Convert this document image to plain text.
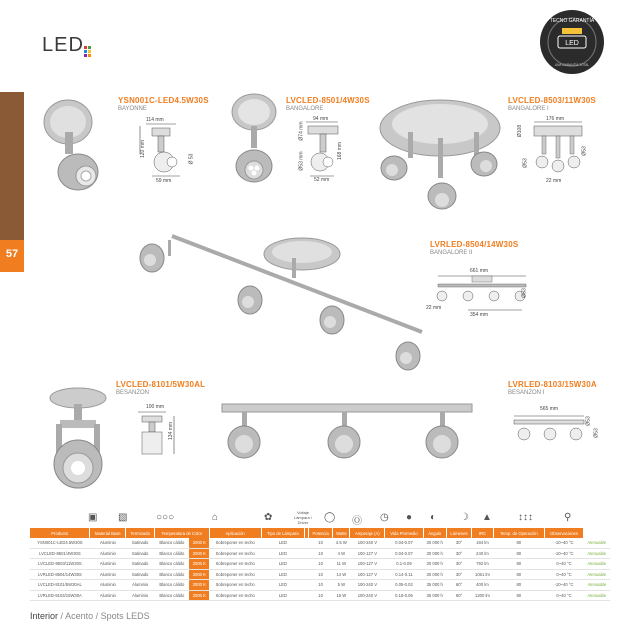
57
LED	LED
TECNO GARANTÍA
UNA GARANTÍA TOTAL
YSN001C-LED4.5W30S
BAYONNE
114 mm
120 mm
59 mm
Ø 53
LVCLED-8501/4W30S
BANGALORE
94 mm
Ø74 mm
Ø53 mm
52 mm
168 mm
LVCLED-8503/11W30S
BANGALORE I
176 mm
Ø108
Ø53
Ø53
22 mm
LVRLED-8504/14W30S
BANGALORE II
661 mm
22 mm
354 mm
Ø53
LVCLED-8101/5W30AL
BESANZON
100 mm
134 mm
LVRLED-8103/15W30A
BESANZON I
565 mm
Ø53
Ø53
▣ ▧	○○○	⌂	✿	Voltaje Lámpara / Driver	◯ Ⓞ ◷ ● ◐ ☽ ▲	↕↕↕	⚲
Producto	Material Base	Terminado	Temperatura de Color		Aplicación	Tipo de Lámpara		Potencia	Watts	Amperaje (A)	Vida Promedio	Ángulo	Lúmenes	IRC	Temp. de Operación	Observaciones	
YSN001C-LED4.5W30S	Aluminio	Satinado	Blanco cálido	3000 K	Sobreponer en techo	LED		10	4.5 W	100-240 V	0.04-0.07	30 000 h	30°	184 lm	80	-10~40 °C	Atenuable
LVCLED-8501/4W30S	Aluminio	Satinado	Blanco cálido	3000 K	Sobreponer en techo	LED		10	4 W	100-127 V	0.04-0.07	30 000 h	30°	240 lm	80	-10~40 °C	Atenuable
LVCLED-8503/11W30S	Aluminio	Satinado	Blanco cálido	3000 K	Sobreponer en techo	LED		10	11 W	100-127 V	0.1-0.09	30 000 h	30°	792 lm	80	0~40 °C	Atenuable
LVRLED-8504/14W30S	Aluminio	Satinado	Blanco cálido	3000 K	Sobreponer en techo	LED		10	14 W	100-127 V	0.14-0.11	30 000 h	30°	1061 lm	80	0~40 °C	Atenuable
LVCLED-8101/5W30AL	Aluminio	Aluminio	Blanco cálido	3000 K	Sobreponer en techo	LED		10	5 W	100-240 V	0.05-0.02	35 000 h	60°	400 lm	80	-10~40 °C	Atenuable
LVRLED-8103/15W30A	Aluminio	Aluminio	Blanco cálido	3000 K	Sobreponer en techo	LED		10	15 W	100-240 V	0.15-0.06	35 000 h	60°	1200 lm	80	0~40 °C	Atenuable
Interior / Acento / Spots LEDS
